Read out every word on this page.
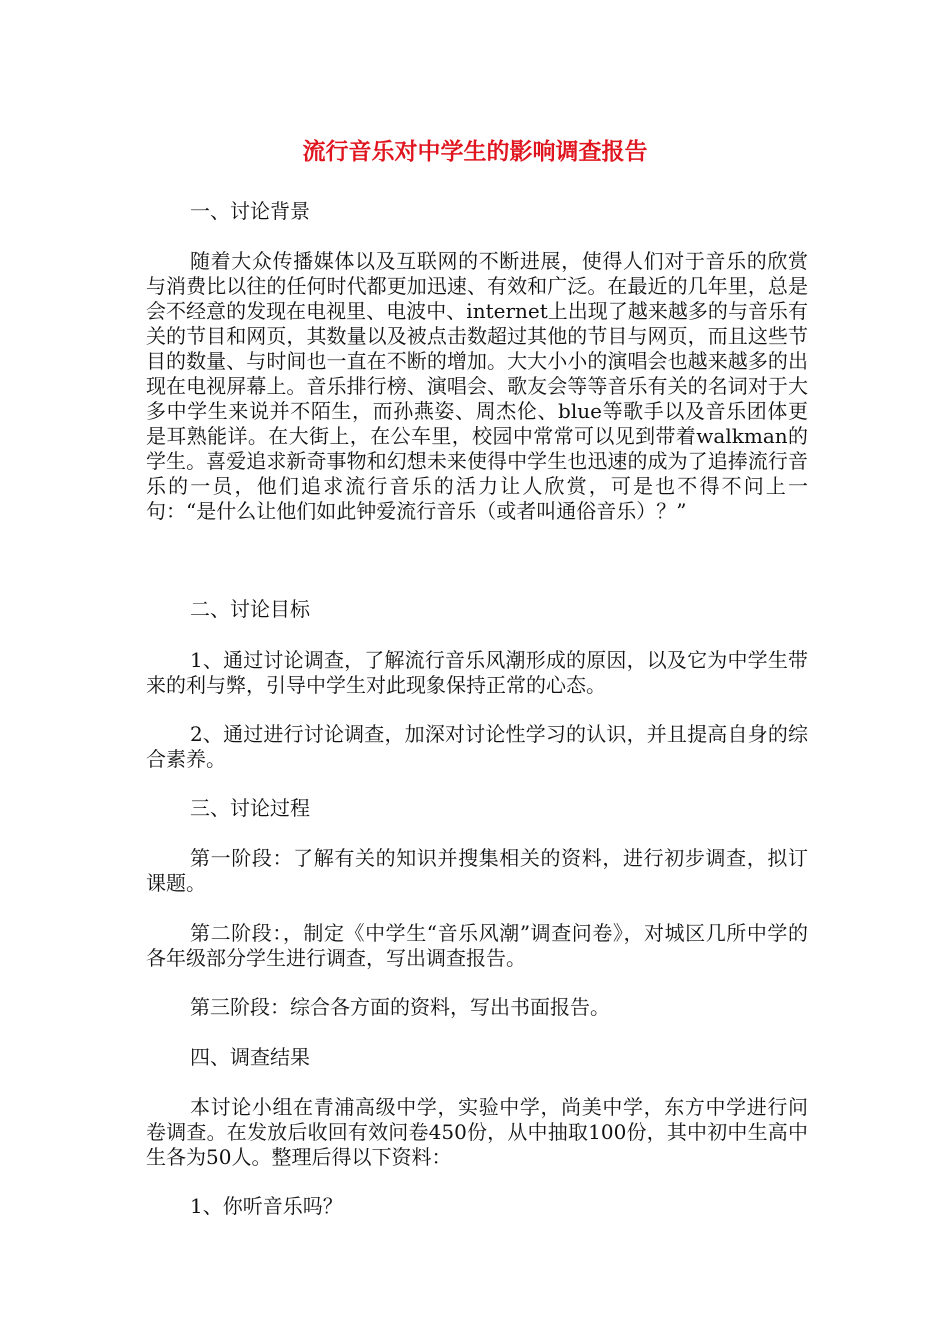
流行音乐对中学生的影响调查报告

一、讨论背景

随着大众传播媒体以及互联网的不断进展，使得人们对于音乐的欣赏与消费比以往的任何时代都更加迅速、有效和广泛。在最近的几年里，总是会不经意的发现在电视里、电波中、internet上出现了越来越多的与音乐有关的节目和网页，其数量以及被点击数超过其他的节目与网页，而且这些节目的数量、与时间也一直在不断的增加。大大小小的演唱会也越来越多的出现在电视屏幕上。音乐排行榜、演唱会、歌友会等等音乐有关的名词对于大多中学生来说并不陌生，而孙燕姿、周杰伦、blue等歌手以及音乐团体更是耳熟能详。在大街上，在公车里，校园中常常可以见到带着walkman的学生。喜爱追求新奇事物和幻想未来使得中学生也迅速的成为了追捧流行音乐的一员，他们追求流行音乐的活力让人欣赏，可是也不得不问上一句：“是什么让他们如此钟爱流行音乐（或者叫通俗音乐）？”

二、讨论目标

1、通过讨论调查，了解流行音乐风潮形成的原因，以及它为中学生带来的利与弊，引导中学生对此现象保持正常的心态。

2、通过进行讨论调查，加深对讨论性学习的认识，并且提高自身的综合素养。

三、讨论过程

第一阶段：了解有关的知识并搜集相关的资料，进行初步调查，拟订课题。

第二阶段：，制定《中学生“音乐风潮”调查问卷》，对城区几所中学的各年级部分学生进行调查，写出调查报告。

第三阶段：综合各方面的资料，写出书面报告。

四、调查结果

本讨论小组在青浦高级中学，实验中学，尚美中学，东方中学进行问卷调查。在发放后收回有效问卷450份，从中抽取100份，其中初中生高中生各为50人。整理后得以下资料：

1、你听音乐吗？
